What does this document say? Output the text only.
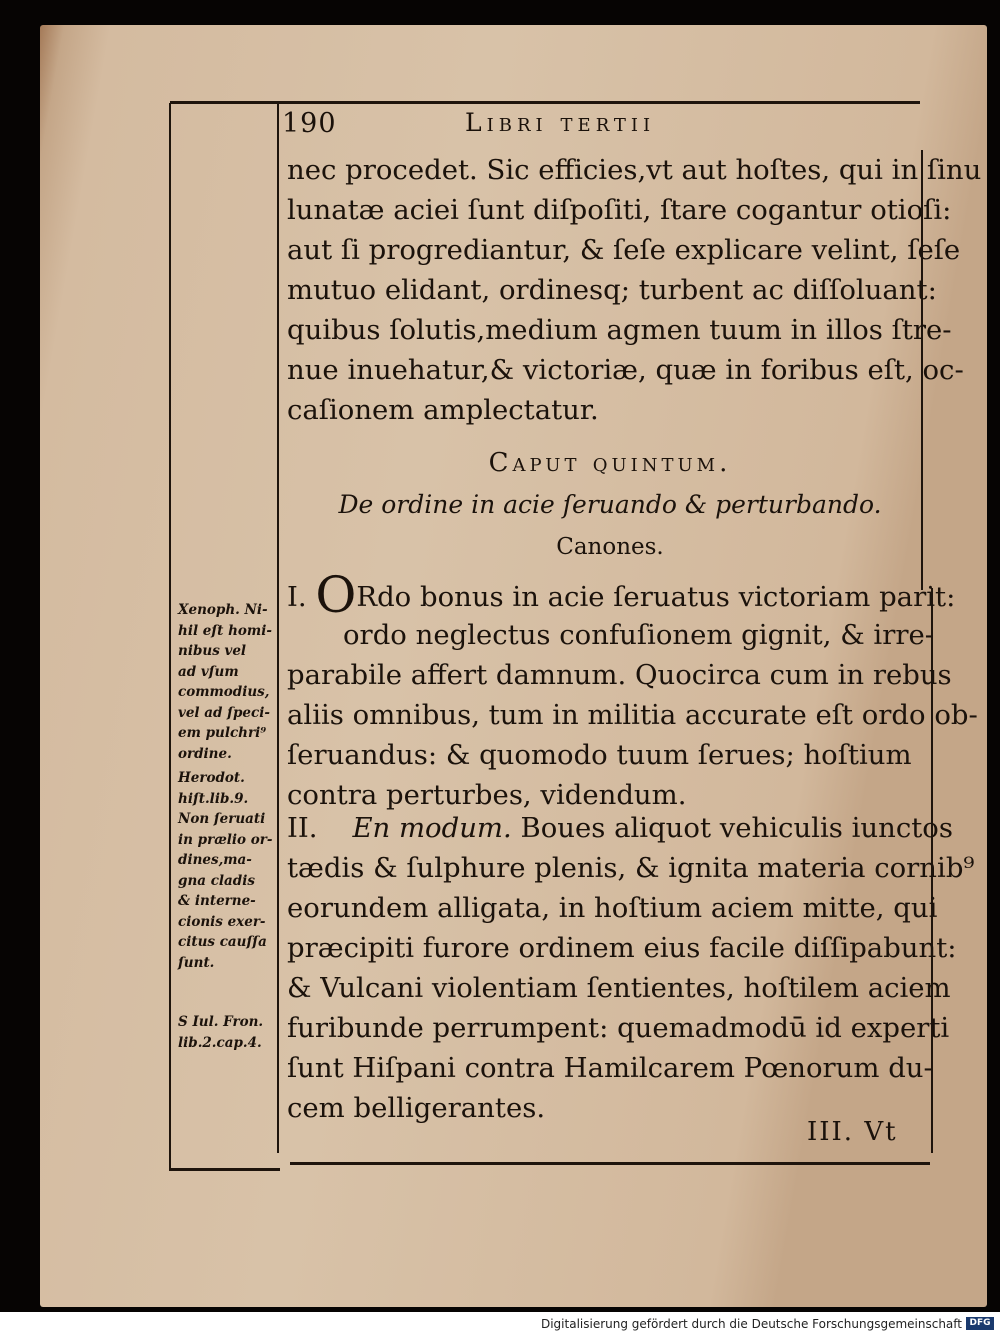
190	Libri tertii
nec procedet. Sic efficies,vt aut hoſtes, qui in ſinu
lunatæ aciei ſunt diſpoſiti, ſtare cogantur otioſi:
aut ſi progrediantur, & ſeſe explicare velint, ſeſe
mutuo elidant, ordinesq; turbent ac diſſoluant:
quibus ſolutis,medium agmen tuum in illos ſtre-
nue inuehatur,& victoriæ, quæ in foribus eſt, oc-
caſionem amplectatur.
Caput quintum.
De ordine in acie ſeruando & perturbando.
Canones.
I. ORdo bonus in acie ſeruatus victoriam parit:
ordo neglectus confuſionem gignit, & irre-
parabile affert damnum. Quocirca cum in rebus
aliis omnibus, tum in militia accurate eſt ordo ob-
ſeruandus: & quomodo tuum ſerues; hoſtium
contra perturbes, videndum.
II. En modum. Boues aliquot vehiculis iunctos
tædis & ſulphure plenis, & ignita materia cornib⁹
eorundem alligata, in hoſtium aciem mitte, qui
præcipiti furore ordinem eius facile diſſipabunt:
& Vulcani violentiam ſentientes, hoſtilem aciem
furibunde perrumpent: quemadmodū id experti
ſunt Hiſpani contra Hamilcarem Pœnorum du-
cem belligerantes.
III. Vt
Xenoph. Ni-
hil eſt homi-
nibus vel
ad vſum
commodius,
vel ad ſpeci-
em pulchri⁹
ordine.
Herodot.
hiſt.lib.9.
Non ſeruati
in prælio or-
dines,ma-
gna cladis
& interne-
cionis exer-
citus cauſſa
ſunt.
S Iul. Fron.
lib.2.cap.4.
Digitalisierung gefördert durch die Deutsche Forschungsgemeinschaft DFG
